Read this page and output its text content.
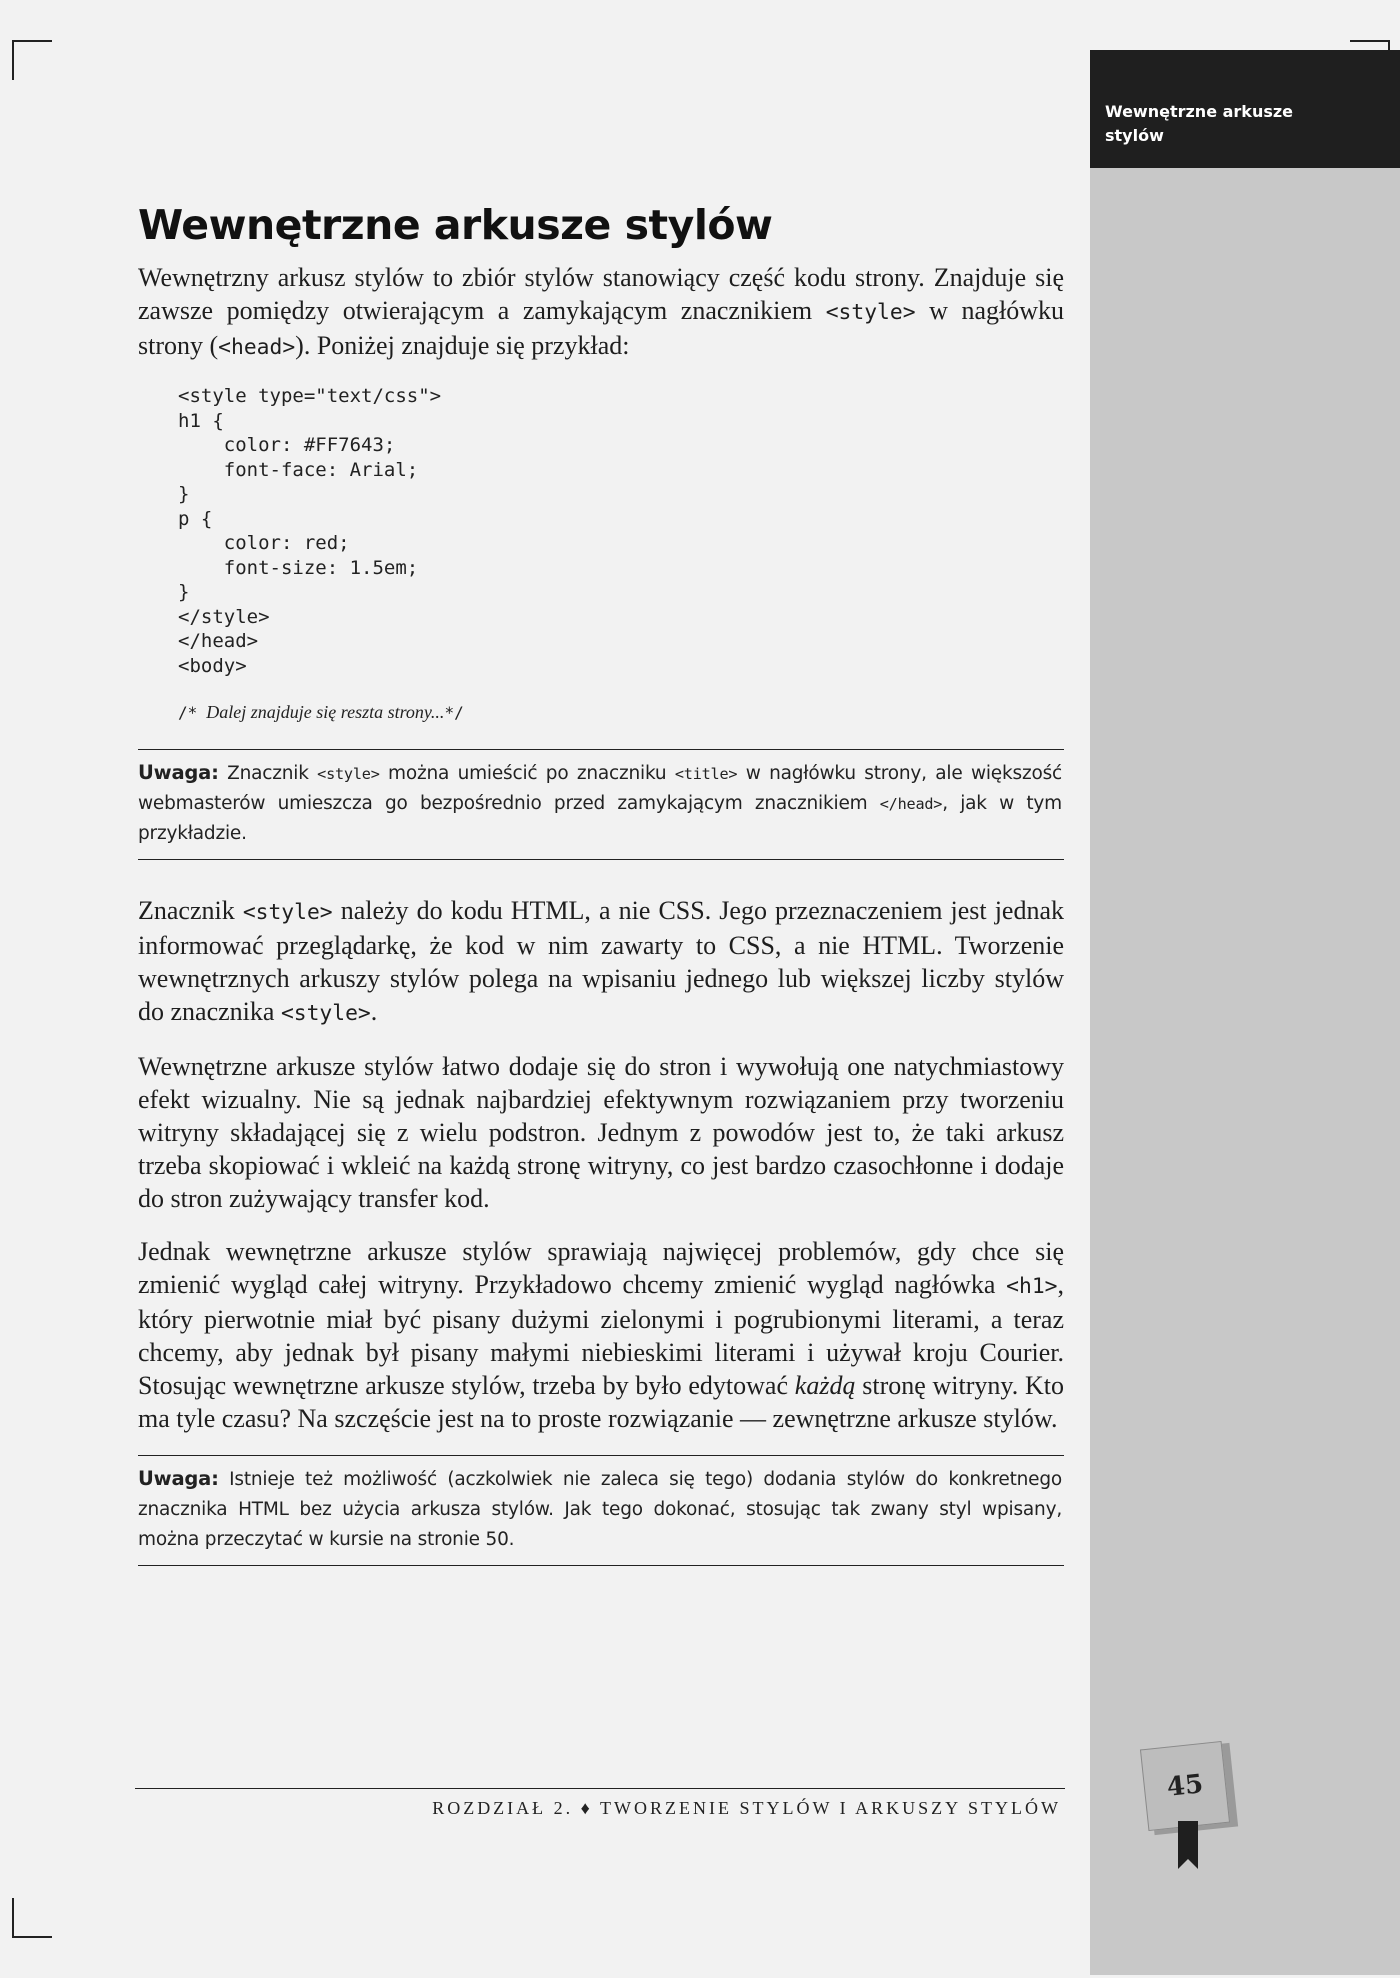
Wewnętrzne arkusze
stylów
Wewnętrzne arkusze stylów

Wewnętrzny arkusz stylów to zbiór stylów stanowiący część kodu strony. Znajduje się zawsze pomiędzy otwierającym a zamykającym znacznikiem <style> w nagłówku strony (<head>). Poniżej znajduje się przykład:

<style type="text/css">
h1 {
color: #FF7643;
font-face: Arial;
}
p {
color: red;
font-size: 1.5em;
}
</style>
</head>
<body>
/* Dalej znajduje się reszta strony...*/
Uwaga: Znacznik <style> można umieścić po znaczniku <title> w nagłówku strony, ale większość webmasterów umieszcza go bezpośrednio przed zamykającym znacznikiem </head>, jak w tym przykładzie.

Znacznik <style> należy do kodu HTML, a nie CSS. Jego przeznaczeniem jest jednak informować przeglądarkę, że kod w nim zawarty to CSS, a nie HTML. Tworzenie wewnętrznych arkuszy stylów polega na wpisaniu jednego lub większej liczby stylów do znacznika <style>.

Wewnętrzne arkusze stylów łatwo dodaje się do stron i wywołują one natychmiastowy efekt wizualny. Nie są jednak najbardziej efektywnym rozwiązaniem przy tworzeniu witryny składającej się z wielu podstron. Jednym z powodów jest to, że taki arkusz trzeba skopiować i wkleić na każdą stronę witryny, co jest bardzo czasochłonne i dodaje do stron zużywający transfer kod.

Jednak wewnętrzne arkusze stylów sprawiają najwięcej problemów, gdy chce się zmienić wygląd całej witryny. Przykładowo chcemy zmienić wygląd nagłówka <h1>, który pierwotnie miał być pisany dużymi zielonymi i pogrubionymi literami, a teraz chcemy, aby jednak był pisany małymi niebieskimi literami i używał kroju Courier. Stosując wewnętrzne arkusze stylów, trzeba by było edytować każdą stronę witryny. Kto ma tyle czasu? Na szczęście jest na to proste rozwiązanie — zewnętrzne arkusze stylów.

Uwaga: Istnieje też możliwość (aczkolwiek nie zaleca się tego) dodania stylów do konkretnego znacznika HTML bez użycia arkusza stylów. Jak tego dokonać, stosując tak zwany styl wpisany, można przeczytać w kursie na stronie 50.
ROZDZIAŁ 2. ♦ TWORZENIE STYLÓW I ARKUSZY STYLÓW
45
